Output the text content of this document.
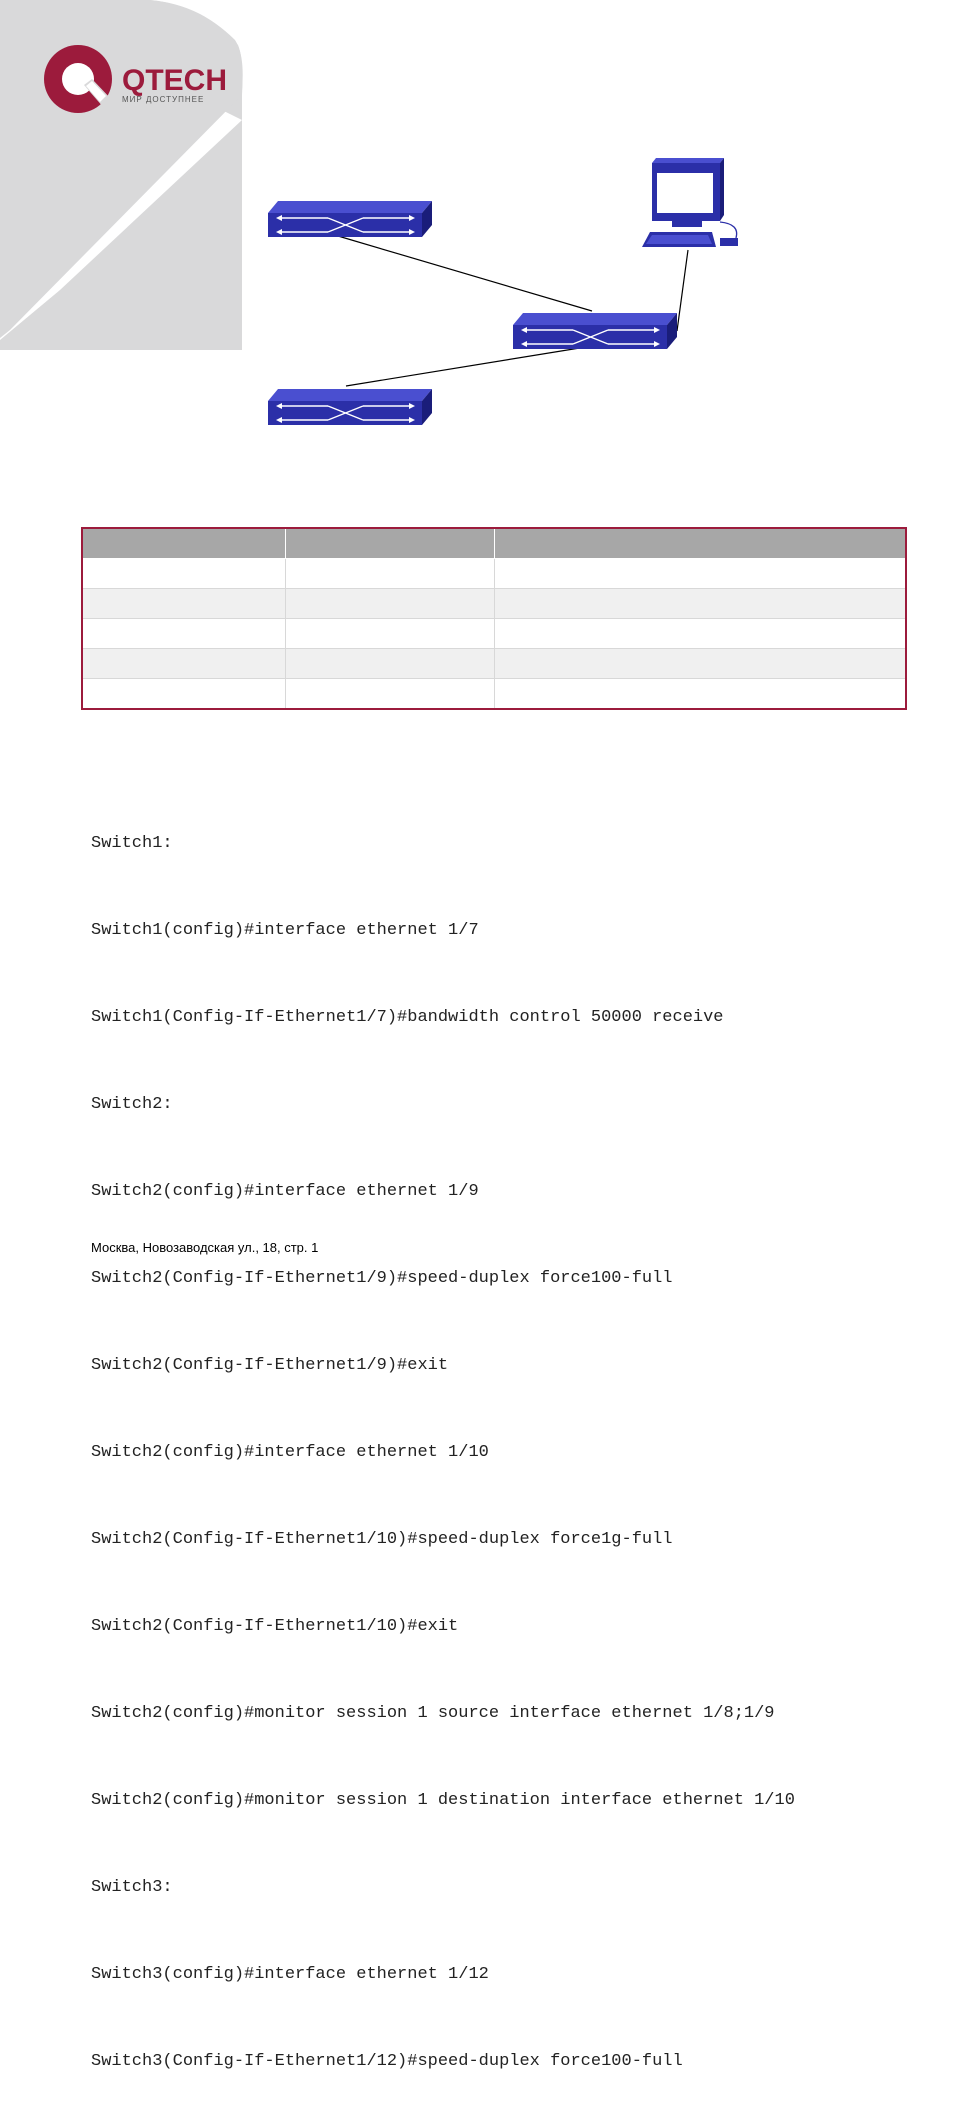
QTECH
МИР ДОСТУПНЕЕ

Switch1:

Switch1(config)#interface ethernet 1/7

Switch1(Config-If-Ethernet1/7)#bandwidth control 50000 receive

Switch2:

Switch2(config)#interface ethernet 1/9

Switch2(Config-If-Ethernet1/9)#speed-duplex force100-full

Switch2(Config-If-Ethernet1/9)#exit

Switch2(config)#interface ethernet 1/10

Switch2(Config-If-Ethernet1/10)#speed-duplex force1g-full

Switch2(Config-If-Ethernet1/10)#exit

Switch2(config)#monitor session 1 source interface ethernet 1/8;1/9

Switch2(config)#monitor session 1 destination interface ethernet 1/10

Switch3:

Switch3(config)#interface ethernet 1/12

Switch3(Config-If-Ethernet1/12)#speed-duplex force100-full

Москва, Новозаводская ул., 18, стр. 1
